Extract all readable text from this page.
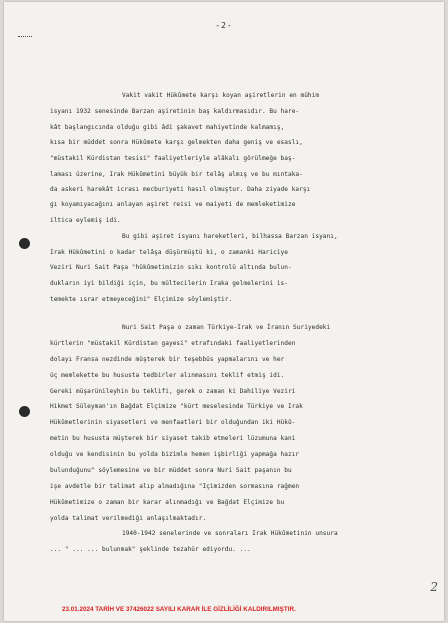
-2-
Vakit vakit Hükûmete karşı koyan aşiretlerin en mühim
isyanı 1932 senesinde Barzan aşiretinin baş kaldırmasıdır. Bu hare-
kât başlangıcında olduğu gibi âdi şakavet mahiyetinde kalmamış,
kısa bir müddet sonra Hükûmete karşı gelmekten daha geniş ve esaslı,
"müstakil Kürdistan tesisi" faaliyetleriyle alâkalı görülmeğe baş-
laması üzerine, Irak Hükûmetini büyük bir telâş almış ve bu mıntaka-
da askeri harekât icrası mecburiyeti hasıl olmuştur. Daha ziyade karşı
gı koyamıyacağını anlayan aşiret reisi ve maiyeti de memleketimize
iltica eylemiş idi.
Bu gibi aşiret isyanı hareketleri, bilhassa Barzan isyanı,
Irak Hükûmetini o kadar telâşa düşürmüştü ki, o zamanki Hariciye
Veziri Nuri Sait Paşa "hükûmetimizin sıkı kontrolü altında bulun-
dukların iyi bildiği için, bu mültecilerin Iraka gelmelerini is-
temekte ısrar etmeyeceğini" Elçimize söylemiştir.
Nuri Sait Paşa o zaman Türkiye-Irak ve İranın Suriyedeki
kürtlerin "müstakil Kürdistan gayesi" etrafındaki faaliyetlerinden
dolayı Fransa nezdinde müşterek bir teşebbüs yapmalarını ve her
üç memlekette bu hususta tedbirler alınmasını teklif etmiş idi.
Gereki müşarünileyhin bu teklifi, gerek o zaman ki Dahiliye Veziri
Hikmet Süleyman'ın Bağdat Elçimize "kürt meselesinde Türkiye ve Irak
Hükûmetlerinin siyasetleri ve menfaatleri bir olduğundan iki Hükû-
metin bu hususta müşterek bir siyaset takib etmeleri lüzumuna kani
olduğu ve kendisinin bu yolda bizimle hemen işbirliği yapmağa hazır
bulunduğunu" söylemesine ve bir müddet sonra Nuri Sait paşanın bu
işe avdetle bir talimat alıp almadığına "Içimizden sormasına rağmen
Hükûmetimize o zaman bir karar alınmadığı ve Bağdat Elçimize bu
yolda talimat verilmediği anlaşılmaktadır.
1940-1942 senelerinde ve sonraları Irak Hükûmetinin unsura
... " ... ... bulunmak" şeklinde tezahür ediyordu. ...
2
23.01.2024 TARİH VE 37426022 SAYILI KARAR İLE GİZLİLİĞİ KALDIRILMIŞTIR.
